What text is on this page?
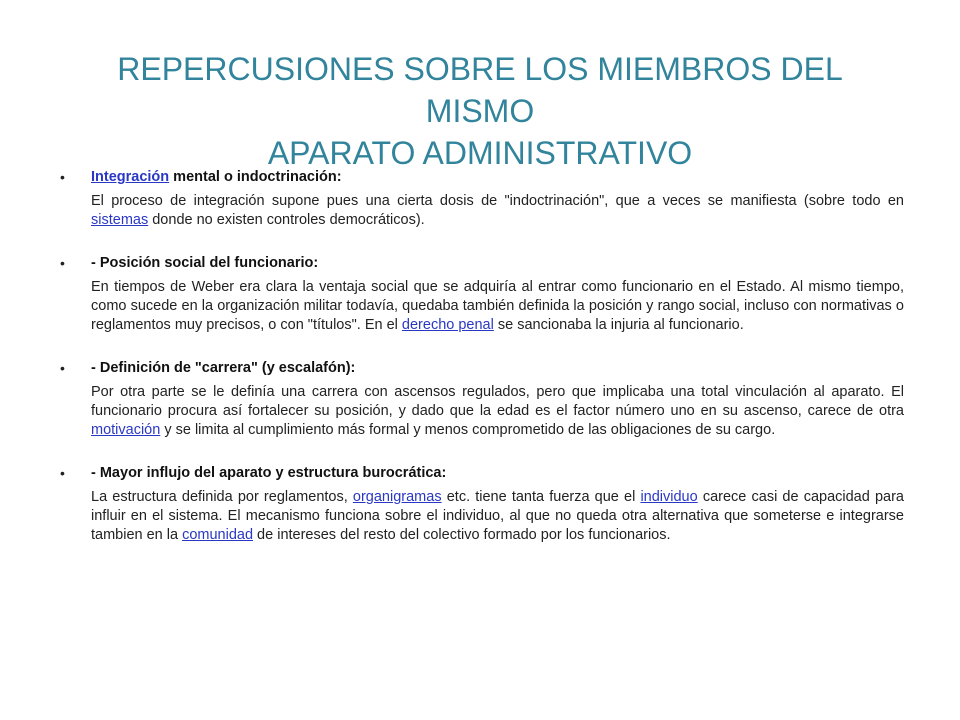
REPERCUSIONES SOBRE LOS MIEMBROS DEL MISMO
APARATO ADMINISTRATIVO
• Integración mental o indoctrinación:
El proceso de integración supone pues una cierta dosis de "indoctrinación", que a veces se manifiesta (sobre todo en sistemas donde no existen controles democráticos).
• - Posición social del funcionario:
En tiempos de Weber era clara la ventaja social que se adquiría al entrar como funcionario en el Estado. Al mismo tiempo, como sucede en la organización militar todavía, quedaba también definida la posición y rango social, incluso con normativas o reglamentos muy precisos, o con "títulos". En el derecho penal se sancionaba la injuria al funcionario.
• - Definición de "carrera" (y escalafón):
Por otra parte se le definía una carrera con ascensos regulados, pero que implicaba una total vinculación al aparato. El funcionario procura así fortalecer su posición, y dado que la edad es el factor número uno en su ascenso, carece de otra motivación y se limita al cumplimiento más formal y menos comprometido de las obligaciones de su cargo.
• - Mayor influjo del aparato y estructura burocrática:
La estructura definida por reglamentos, organigramas etc. tiene tanta fuerza que el individuo carece casi de capacidad para influir en el sistema. El mecanismo funciona sobre el individuo, al que no queda otra alternativa que someterse e integrarse tambien en la comunidad de intereses del resto del colectivo formado por los funcionarios.
